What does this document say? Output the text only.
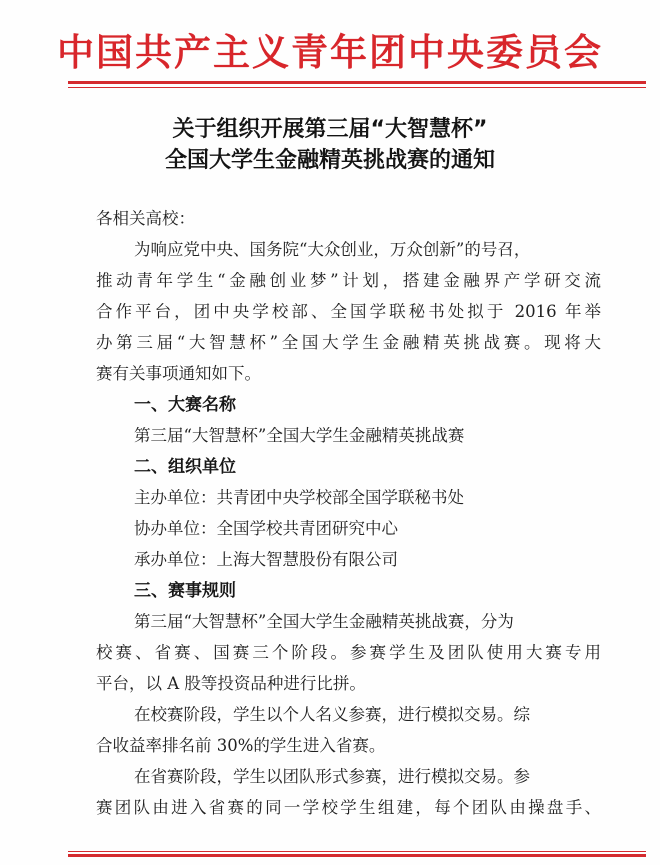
中国共产主义青年团中央委员会
关于组织开展第三届“大智慧杯”
全国大学生金融精英挑战赛的通知
各相关高校：
为响应党中央、国务院“大众创业，万众创新”的号召，
推动青年学生“金融创业梦”计划，搭建金融界产学研交流
合作平台，团中央学校部、全国学联秘书处拟于 2016 年举
办第三届“大智慧杯”全国大学生金融精英挑战赛。现将大
赛有关事项通知如下。
一、大赛名称
第三届“大智慧杯”全国大学生金融精英挑战赛
二、组织单位
主办单位：共青团中央学校部全国学联秘书处
协办单位：全国学校共青团研究中心
承办单位：上海大智慧股份有限公司
三、赛事规则
第三届“大智慧杯”全国大学生金融精英挑战赛，分为
校赛、省赛、国赛三个阶段。参赛学生及团队使用大赛专用
平台，以 A 股等投资品种进行比拼。
在校赛阶段，学生以个人名义参赛，进行模拟交易。综
合收益率排名前 30%的学生进入省赛。
在省赛阶段，学生以团队形式参赛，进行模拟交易。参
赛团队由进入省赛的同一学校学生组建，每个团队由操盘手、
